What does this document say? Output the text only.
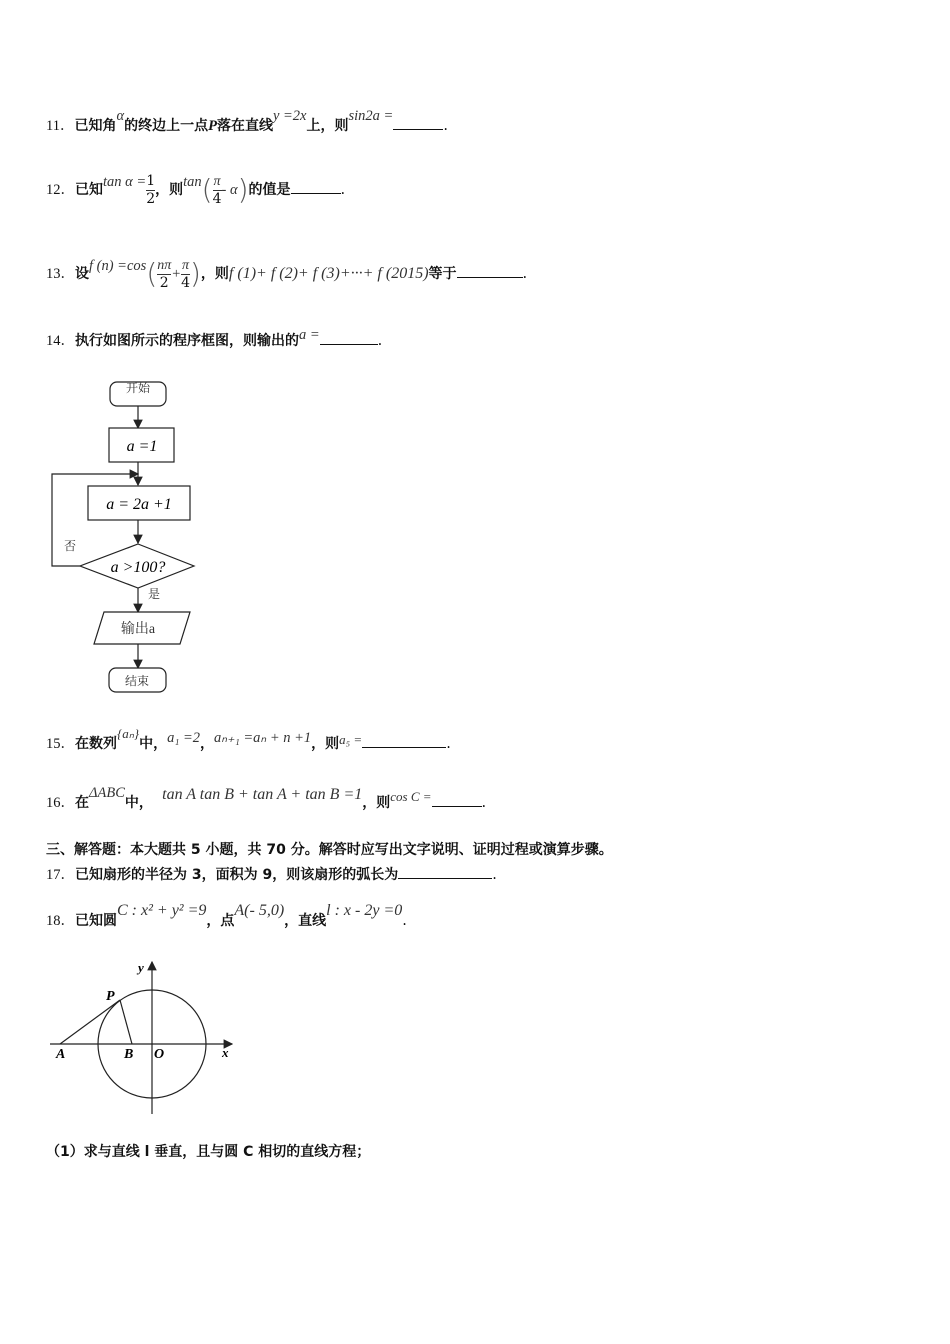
11．已知角α的终边上一点P落在直线y =2x上，则sin2a =.
12．已知$\tan \alpha = \frac{1}{2}$ ，则$\tan( \frac{\pi}{4} - \alpha)$的值是	.
13．设f $(n) =\cos( \frac{n\pi}{2} + \frac{\pi}{4}$ )，则f (1)+ f (2)+ f (3)+···+ f (2015)等于	.
14．执行如图所示的程序框图，则输出的a =	.
开始
a =1
a = 2a +1
a >100?
否
是
输出a
结束
15．在数列{aₙ}中，a₁ =2，aₙ₊₁ =aₙ + n +1，则a₅ =	.
16．在ΔABC中， tan A tan B + tan A + tan B =1，则cos C =	.
三、解答题：本大题共 5 小题，共 70 分。解答时应写出文字说明、证明过程或演算步骤。
17．已知扇形的半径为 3，面积为 9，则该扇形的弧长为	.
18．已知圆C : x² + y² =9，点A(- 5,0)，直线l : x - 2y =0.
y
x
P
A	B O
（1）求与直线 l 垂直，且与圆 C 相切的直线方程；
